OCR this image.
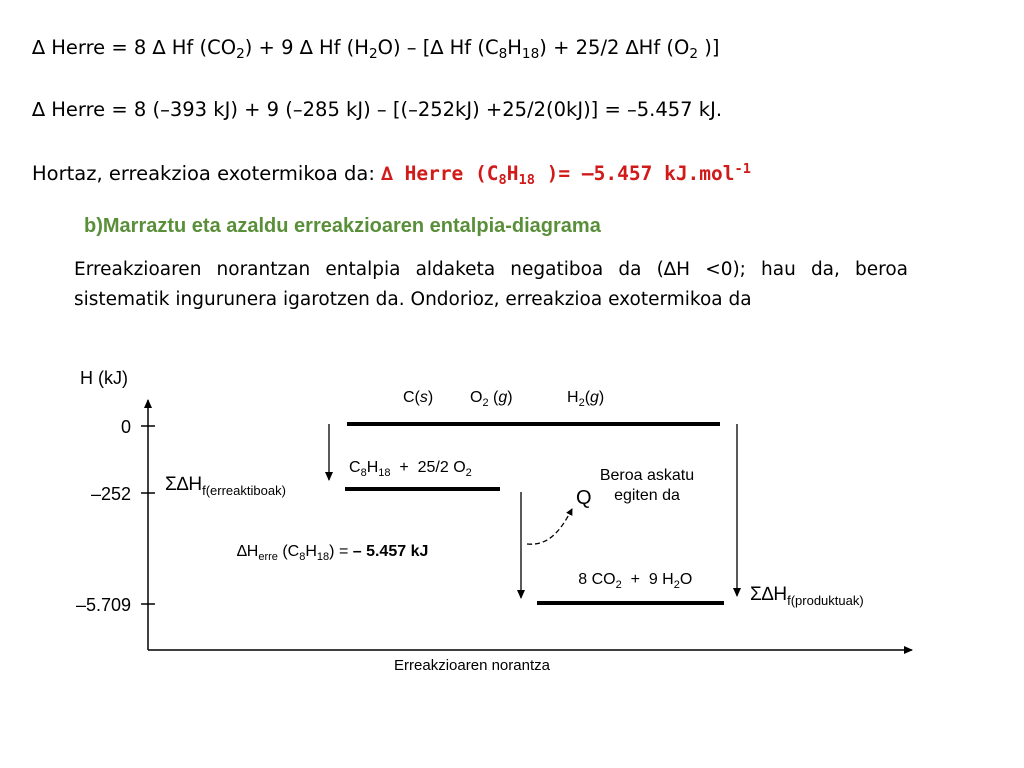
∆ Herre = 8 ∆ Hf $(CO_2) + 9$ ∆ Hf $(H_2O)$ – [∆ Hf $(C_8H_{18}) + 25/2$ ∆Hf ($O_2$ )]
∆ Herre = 8 (–393 kJ) + 9 (–285 kJ) – [(–252kJ) +25/2(0kJ)] = –5.457 kJ.
Hortaz, erreakzioa exotermikoa da: ∆ Herre ($C_8H_{18}$ )= –5.457 kJ.mol$^{-1}$
b)Marraztu eta azaldu erreakzioaren entalpia-diagrama
Erreakzioaren norantzan entalpia aldaketa negatiboa da (∆H <0); hau da, beroa sistematik ingurunera igarotzen da. Ondorioz, erreakzioa exotermikoa da
H (kJ)
Erreakzioaren norantza
0
–252
–5.709
C(s) $O_2$ (g)	$H_2(g)$
$C_8H_{18} + 25/2$ $O_2$
8 $CO_2 + 9$ $H_2O$
$\Sigma\Delta H_{f(erreaktiboak)}$
$\Sigma\Delta H_{f(produktuak)}$
$\Delta H_{erre}$ $(C_8H_{18})$ = – 5.457 kJ
Q
Beroa askatu
egiten da
